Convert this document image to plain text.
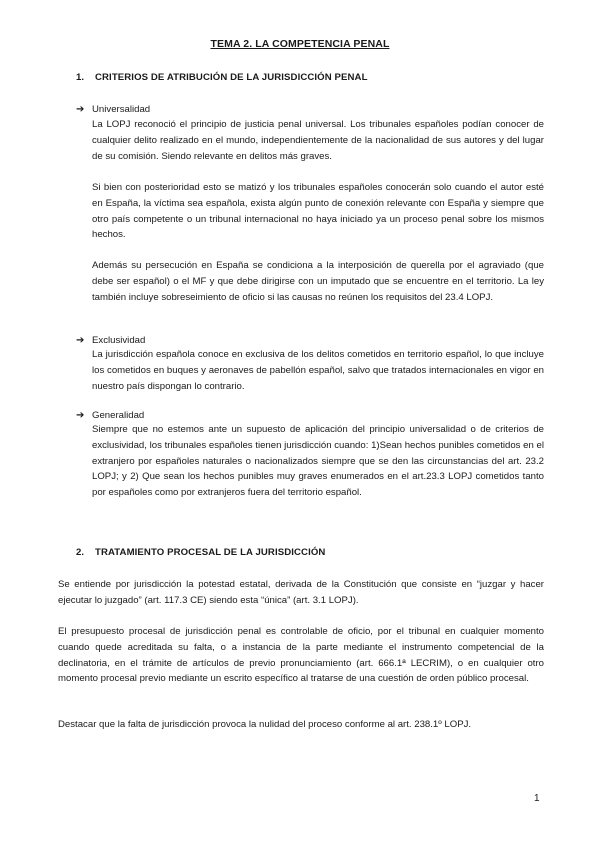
TEMA 2. LA COMPETENCIA PENAL
1. CRITERIOS DE ATRIBUCIÓN DE LA JURISDICCIÓN PENAL
➔ Universalidad
La LOPJ reconoció el principio de justicia penal universal. Los tribunales españoles podían conocer de cualquier delito realizado en el mundo, independientemente de la nacionalidad de sus autores y del lugar de su comisión. Siendo relevante en delitos más graves.
Si bien con posterioridad esto se matizó y los tribunales españoles conocerán solo cuando el autor esté en España, la víctima sea española, exista algún punto de conexión relevante con España y siempre que otro país competente o un tribunal internacional no haya iniciado ya un proceso penal sobre los mismos hechos.
Además su persecución en España se condiciona a la interposición de querella por el agraviado (que debe ser español) o el MF y que debe dirigirse con un imputado que se encuentre en el territorio. La ley también incluye sobreseimiento de oficio si las causas no reúnen los requisitos del 23.4 LOPJ.
➔ Exclusividad
La jurisdicción española conoce en exclusiva de los delitos cometidos en territorio español, lo que incluye los cometidos en buques y aeronaves de pabellón español, salvo que tratados internacionales en vigor en nuestro país dispongan lo contrario.
➔ Generalidad
Siempre que no estemos ante un supuesto de aplicación del principio universalidad o de criterios de exclusividad, los tribunales españoles tienen jurisdicción cuando: 1)Sean hechos punibles cometidos en el extranjero por españoles naturales o nacionalizados siempre que se den las circunstancias del art. 23.2 LOPJ; y 2) Que sean los hechos punibles muy graves enumerados en el art.23.3 LOPJ cometidos tanto por españoles como por extranjeros fuera del territorio español.
2. TRATAMIENTO PROCESAL DE LA JURISDICCIÓN
Se entiende por jurisdicción la potestad estatal, derivada de la Constitución que consiste en “juzgar y hacer ejecutar lo juzgado” (art. 117.3 CE) siendo esta “única” (art. 3.1 LOPJ).
El presupuesto procesal de jurisdicción penal es controlable de oficio, por el tribunal en cualquier momento cuando quede acreditada su falta, o a instancia de la parte mediante el instrumento competencial de la declinatoria, en el trámite de artículos de previo pronunciamiento (art. 666.1ª LECRIM), o en cualquier otro momento procesal previo mediante un escrito específico al tratarse de una cuestión de orden público procesal.
Destacar que la falta de jurisdicción provoca la nulidad del proceso conforme al art. 238.1º LOPJ.
1
